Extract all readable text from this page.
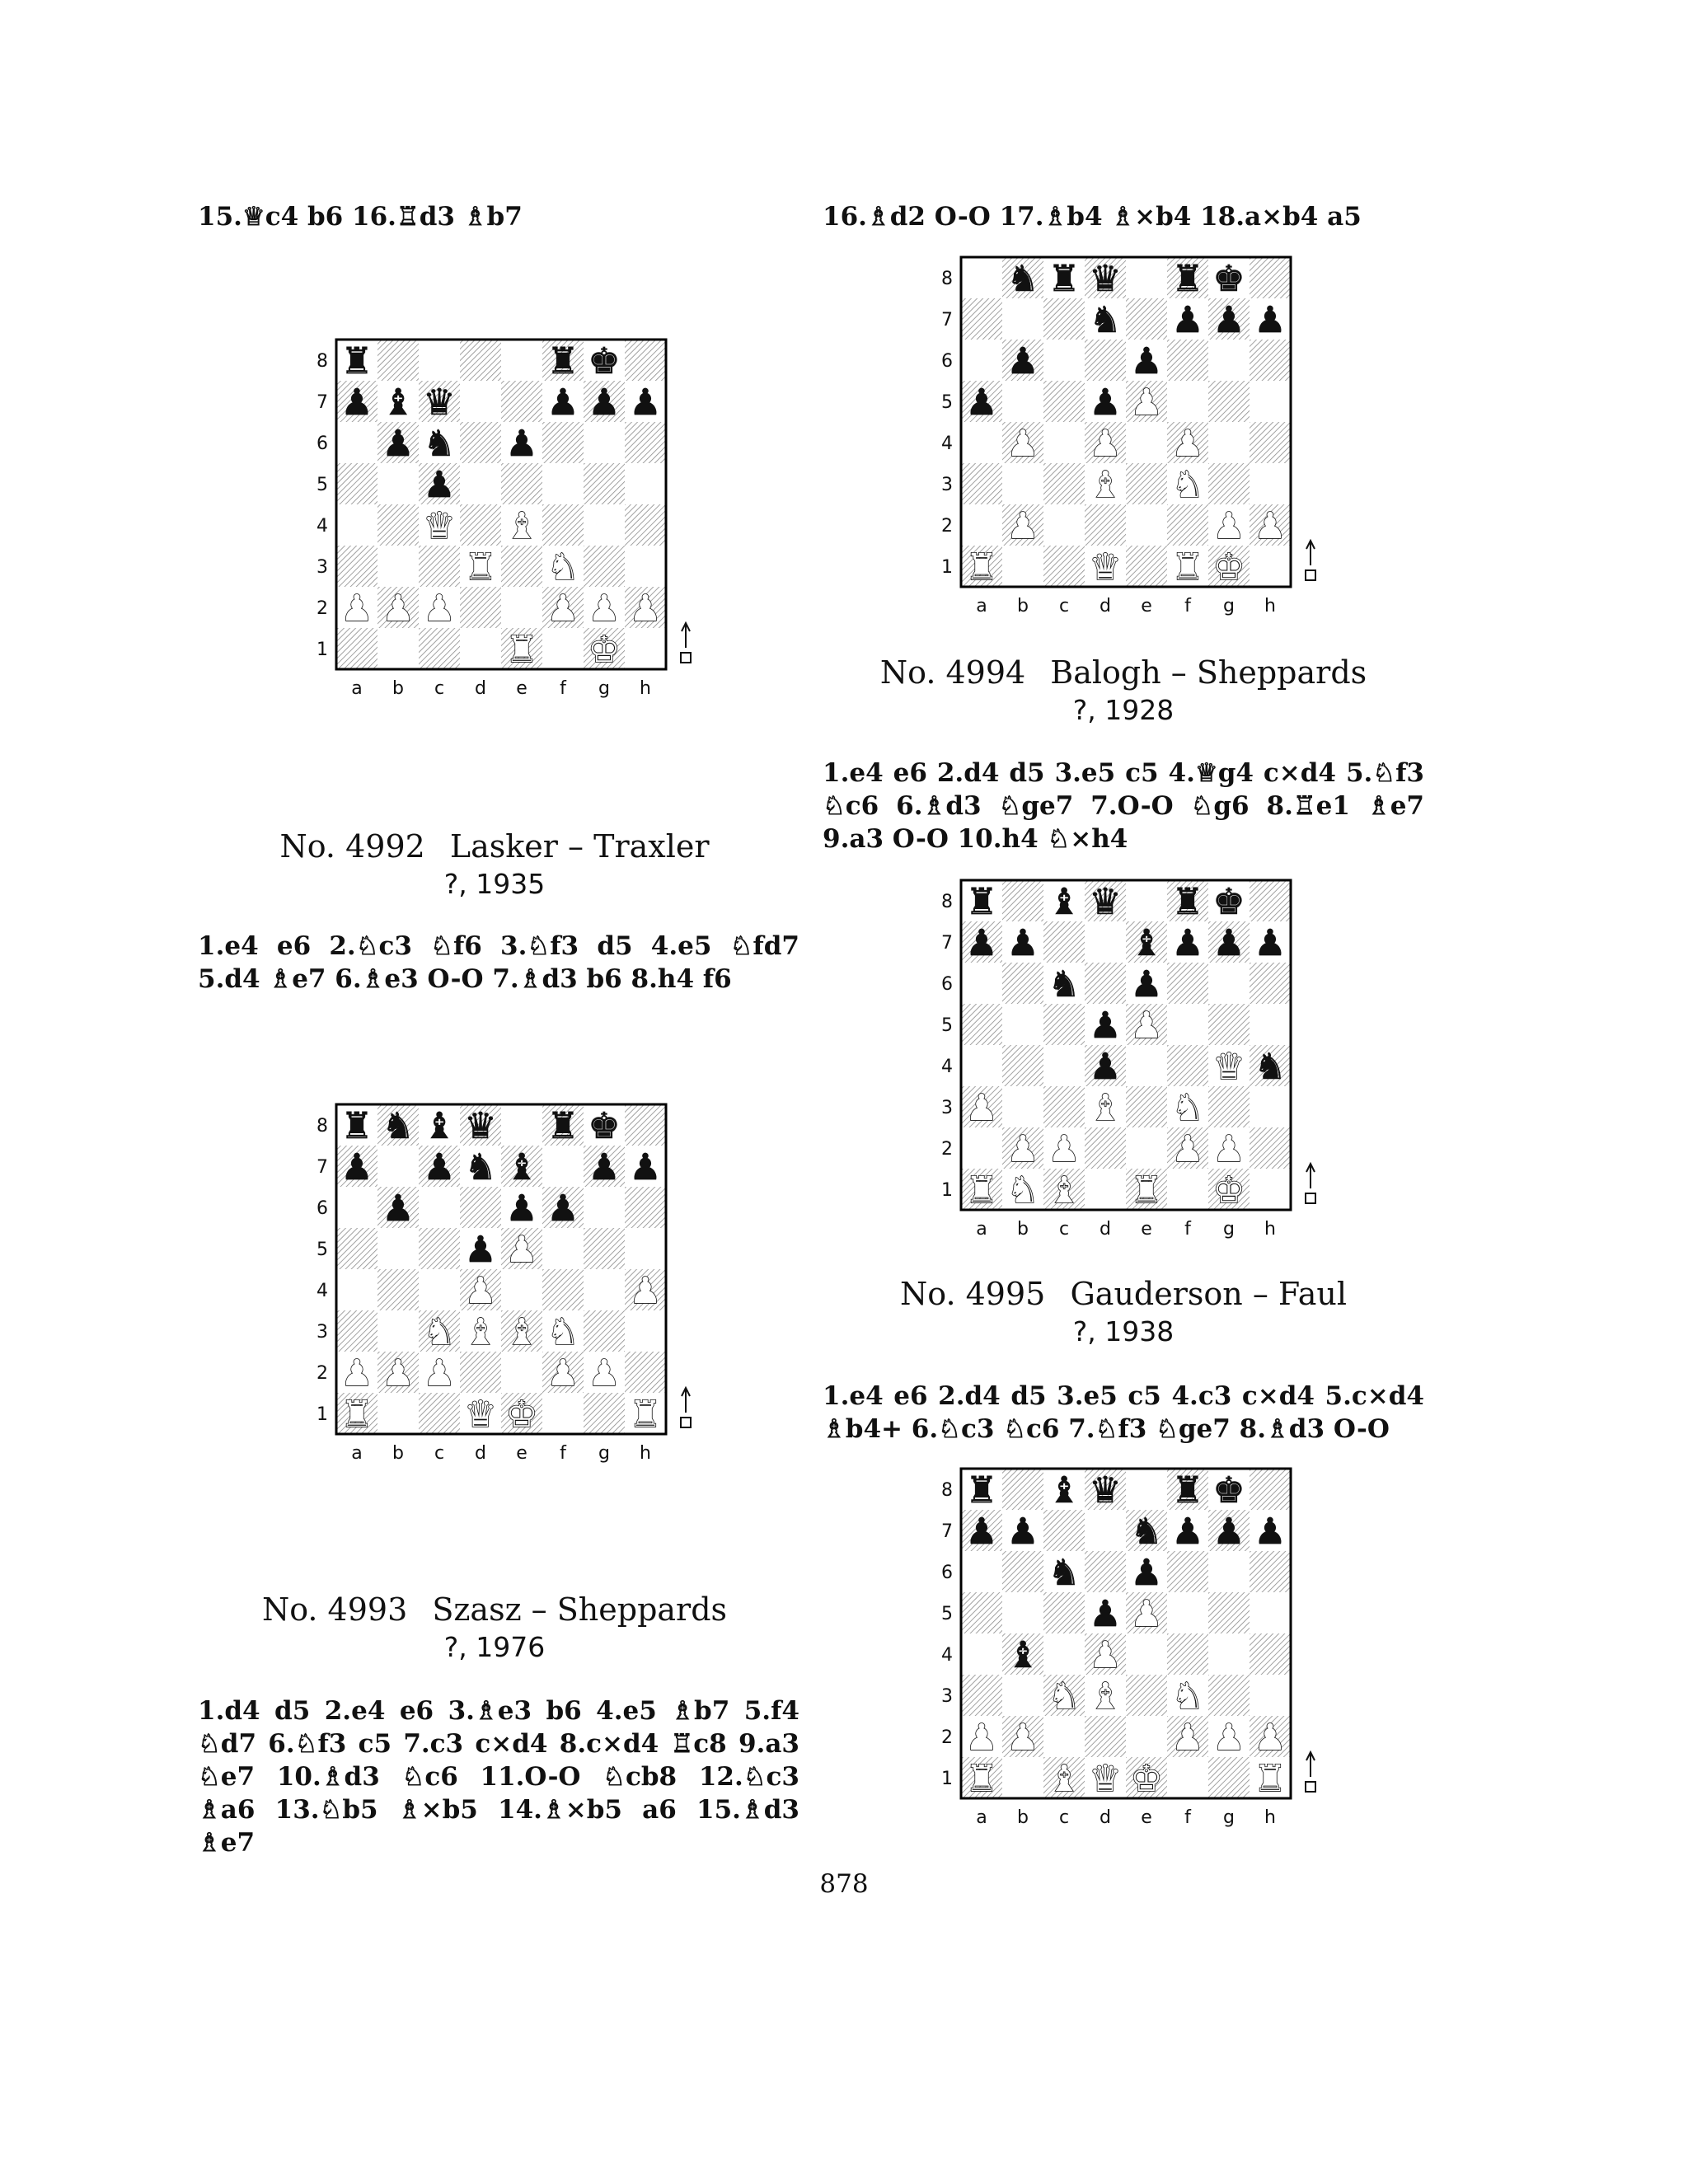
15.♕c4 b6 16.♖d3 ♗b7

8
7
6
5
4
3
2
1
a b c d e f g h
♜	♜ ♚
♟ ♝ ♛	♟ ♟ ♟
♟ ♞ ♟
♟
♛ ♝
♜ ♞
♟ ♟ ♟	♟ ♟ ♟
♜ ♚
No. 4992 Lasker – Traxler
?, 1935

1.e4 e6 2.♘c3 ♘f6 3.♘f3 d5 4.e5 ♘fd7 5.d4 ♗e7 6.♗e3 O-O 7.♗d3 b6 8.h4 f6

8
7
6
5
4
3
2
1
a b c d e f g h
♜ ♞ ♝ ♛ ♜ ♚
♟ ♟ ♞ ♝ ♟ ♟
♟	♟ ♟
♟ ♟
♟	♟
♞ ♝ ♝ ♞
♟ ♟ ♟	♟ ♟
♜	♛ ♚	♜
No. 4993 Szasz – Sheppards
?, 1976

1.d4 d5 2.e4 e6 3.♗e3 b6 4.e5 ♗b7 5.f4 ♘d7 6.♘f3 c5 7.c3 c×d4 8.c×d4 ♖c8 9.a3 ♘e7 10.♗d3 ♘c6 11.O-O ♘cb8 12.♘c3 ♗a6 13.♘b5 ♗×b5 14.♗×b5 a6 15.♗d3 ♗e7

16.♗d2 O-O 17.♗b4 ♗×b4 18.a×b4 a5

8
7
6
5
4
3
2
1
a b c d e f g h
♞ ♜ ♛ ♜ ♚
♞ ♟ ♟ ♟
♟	♟
♟	♟ ♟
♟ ♟ ♟
♝ ♞
♟	♟ ♟
♜	♛ ♜ ♚
No. 4994 Balogh – Sheppards
?, 1928

1.e4 e6 2.d4 d5 3.e5 c5 4.♕g4 c×d4 5.♘f3 ♘c6 6.♗d3 ♘ge7 7.O-O ♘g6 8.♖e1 ♗e7 9.a3 O-O 10.h4 ♘×h4

8
7
6
5
4
3
2
1
a b c d e f g h
♜ ♝ ♛ ♜ ♚
♟ ♟	♝ ♟ ♟ ♟
♞ ♟
♟ ♟
♟	♛ ♞
♟	♝ ♞
♟ ♟	♟ ♟
♜ ♞ ♝ ♜ ♚
No. 4995 Gauderson – Faul
?, 1938

1.e4 e6 2.d4 d5 3.e5 c5 4.c3 c×d4 5.c×d4 ♗b4+ 6.♘c3 ♘c6 7.♘f3 ♘ge7 8.♗d3 O-O

8
7
6
5
4
3
2
1
a b c d e f g h
♜ ♝ ♛ ♜ ♚
♟ ♟	♞ ♟ ♟ ♟
♞ ♟
♟ ♟
♝ ♟
♞ ♝ ♞
♟ ♟	♟ ♟ ♟
♜ ♝ ♛ ♚	♜
878
